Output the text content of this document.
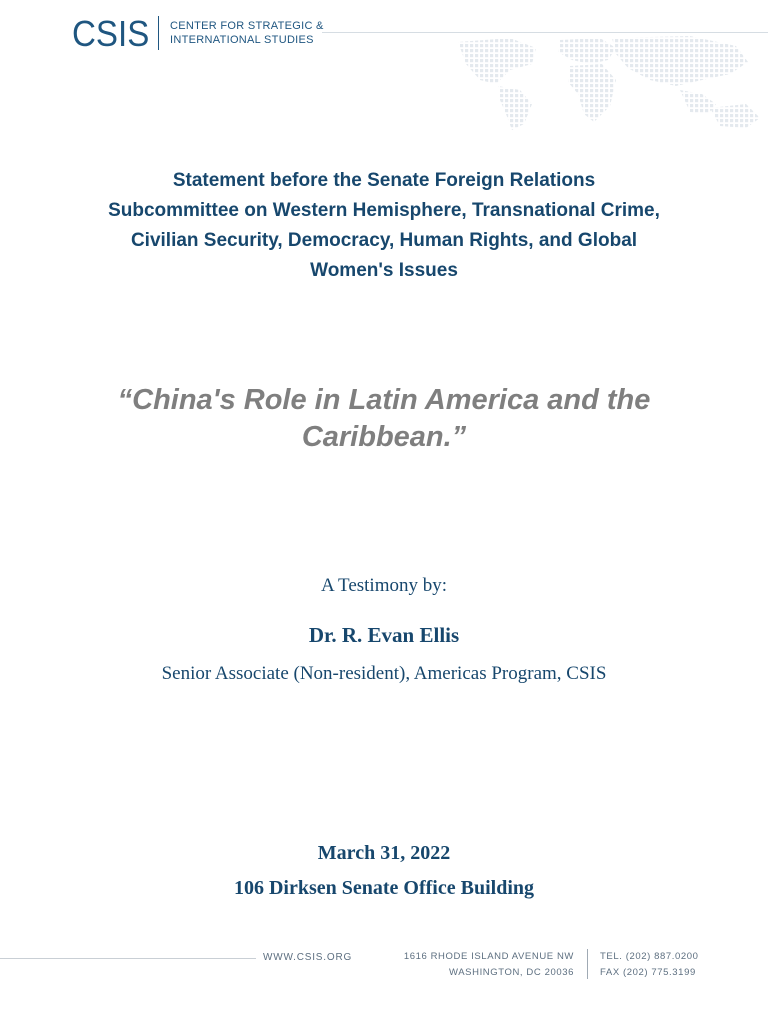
CSIS CENTER FOR STRATEGIC &
INTERNATIONAL STUDIES
Statement before the Senate Foreign Relations
Subcommittee on Western Hemisphere, Transnational Crime,
Civilian Security, Democracy, Human Rights, and Global
Women's Issues
“China's Role in Latin America and the
Caribbean.”
A Testimony by:
Dr. R. Evan Ellis
Senior Associate (Non-resident), Americas Program, CSIS
March 31, 2022
106 Dirksen Senate Office Building
WWW.CSIS.ORG	1616 RHODE ISLAND AVENUE NW
WASHINGTON, DC 20036
TEL. (202) 887.0200
FAX (202) 775.3199
